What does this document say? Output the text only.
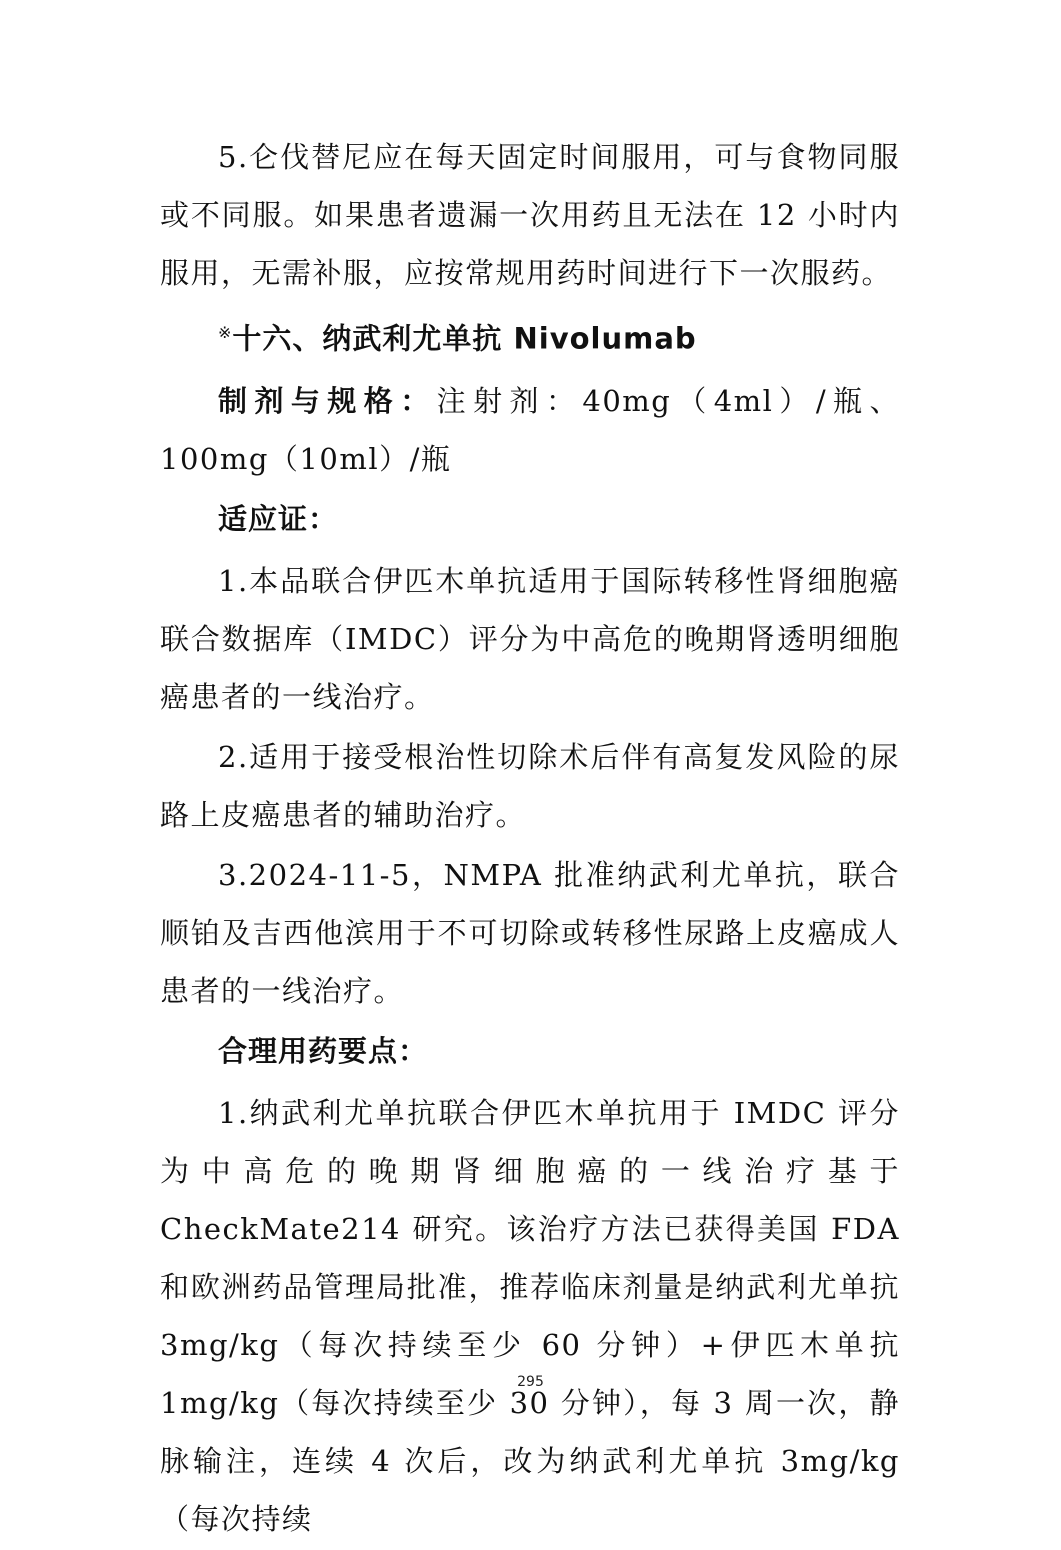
5.仑伐替尼应在每天固定时间服用，可与食物同服或不同服。如果患者遗漏一次用药且无法在 12 小时内服用，无需补服，应按常规用药时间进行下一次服药。

※十六、纳武利尤单抗 Nivolumab

制剂与规格：注射剂：40mg（4ml）/瓶、100mg（10ml）/瓶

适应证：

1.本品联合伊匹木单抗适用于国际转移性肾细胞癌联合数据库（IMDC）评分为中高危的晚期肾透明细胞癌患者的一线治疗。

2.适用于接受根治性切除术后伴有高复发风险的尿路上皮癌患者的辅助治疗。

3.2024-11-5，NMPA 批准纳武利尤单抗，联合顺铂及吉西他滨用于不可切除或转移性尿路上皮癌成人患者的一线治疗。

合理用药要点：

1.纳武利尤单抗联合伊匹木单抗用于 IMDC 评分为中高危的晚期肾细胞癌的一线治疗基于 CheckMate214 研究。该治疗方法已获得美国 FDA 和欧洲药品管理局批准，推荐临床剂量是纳武利尤单抗 3mg/kg（每次持续至少 60 分钟）+伊匹木单抗 1mg/kg（每次持续至少 30 分钟），每 3 周一次，静脉输注，连续 4 次后，改为纳武利尤单抗 3mg/kg（每次持续

295
